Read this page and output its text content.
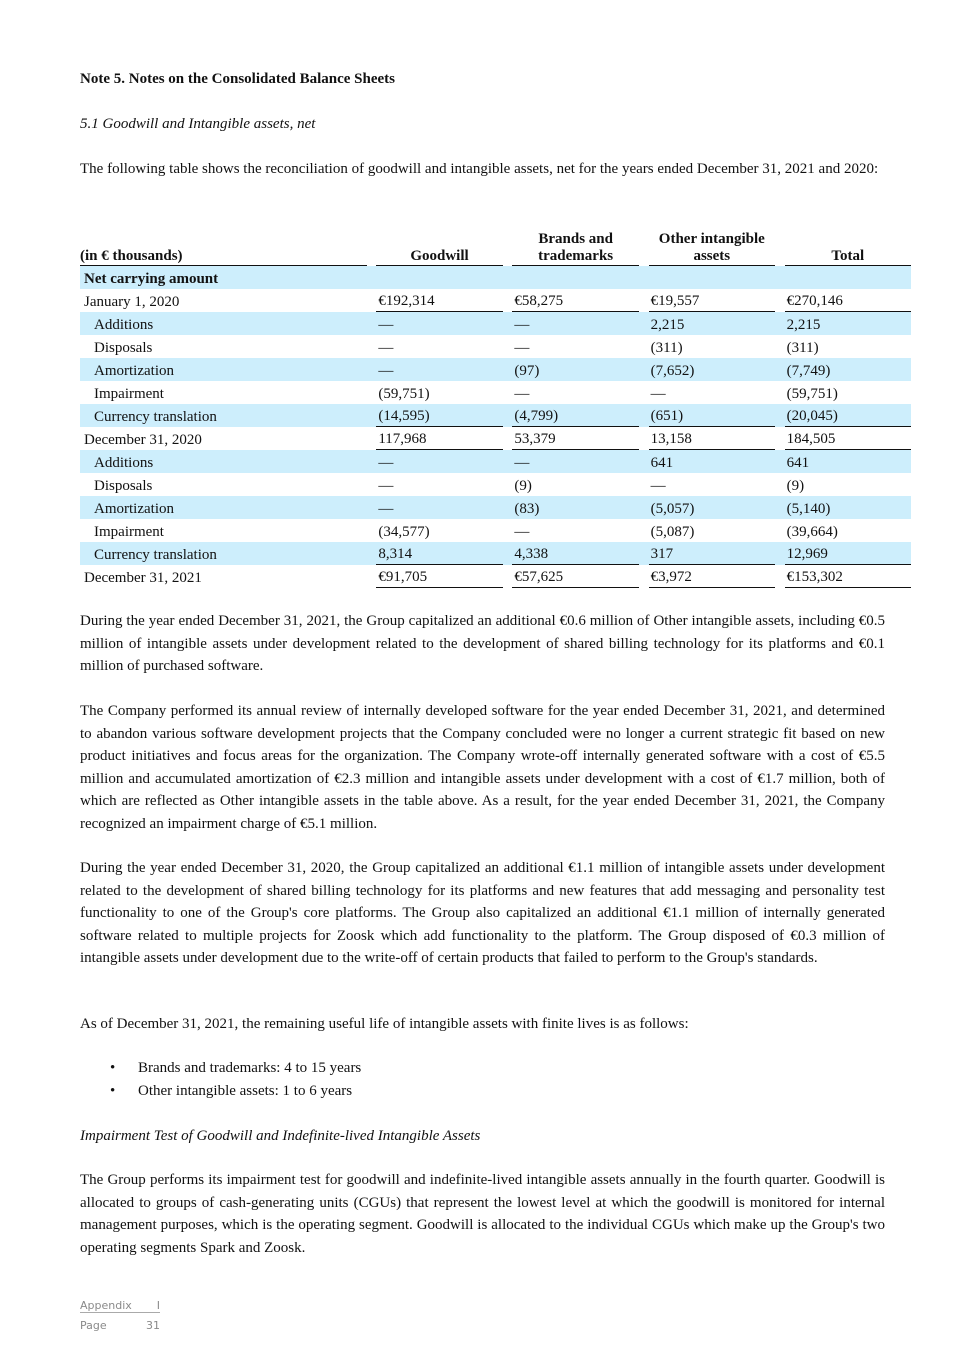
Note 5. Notes on the Consolidated Balance Sheets
5.1 Goodwill and Intangible assets, net
The following table shows the reconciliation of goodwill and intangible assets, net for the years ended December 31, 2021 and 2020:
(in € thousands)		Goodwill		Brands and trademarks		Other intangible assets		Total

Net carrying amount		

January 1, 2020		€192,314		€58,275		€19,557		€270,146

Additions		—		—		2,215		2,215

Disposals		—		—		(311)		(311)

Amortization		—		(97)		(7,652)		(7,749)

Impairment		(59,751)		—		—		(59,751)

Currency translation		(14,595)		(4,799)		(651)		(20,045)

December 31, 2020		117,968		53,379		13,158		184,505

Additions		—		—		641		641

Disposals		—		(9)		—		(9)

Amortization		—		(83)		(5,057)		(5,140)

Impairment		(34,577)		—		(5,087)		(39,664)

Currency translation		8,314		4,338		317		12,969

December 31, 2021		€91,705		€57,625		€3,972		€153,302
During the year ended December 31, 2021, the Group capitalized an additional €0.6 million of Other intangible assets, including €0.5 million of intangible assets under development related to the development of shared billing technology for its platforms and €0.1 million of purchased software.
The Company performed its annual review of internally developed software for the year ended December 31, 2021, and determined to abandon various software development projects that the Company concluded were no longer a current strategic fit based on new product initiatives and focus areas for the organization. The Company wrote-off internally generated software with a cost of €5.5 million and accumulated amortization of €2.3 million and intangible assets under development with a cost of €1.7 million, both of which are reflected as Other intangible assets in the table above. As a result, for the year ended December 31, 2021, the Company recognized an impairment charge of €5.1 million.
During the year ended December 31, 2020, the Group capitalized an additional €1.1 million of intangible assets under development related to the development of shared billing technology for its platforms and new features that add messaging and personality test functionality to one of the Group's core platforms. The Group also capitalized an additional €1.1 million of internally generated software related to multiple projects for Zoosk which add functionality to the platform. The Group disposed of €0.3 million of intangible assets under development due to the write-off of certain products that failed to perform to the Group's standards.
As of December 31, 2021, the remaining useful life of intangible assets with finite lives is as follows:
• Brands and trademarks: 4 to 15 years
• Other intangible assets: 1 to 6 years
Impairment Test of Goodwill and Indefinite-lived Intangible Assets
The Group performs its impairment test for goodwill and indefinite-lived intangible assets annually in the fourth quarter. Goodwill is allocated to groups of cash-generating units (CGUs) that represent the lowest level at which the goodwill is monitored for internal management purposes, which is the operating segment. Goodwill is allocated to the individual CGUs which make up the Group's two operating segments Spark and Zoosk.
Appendix I
Page	31
